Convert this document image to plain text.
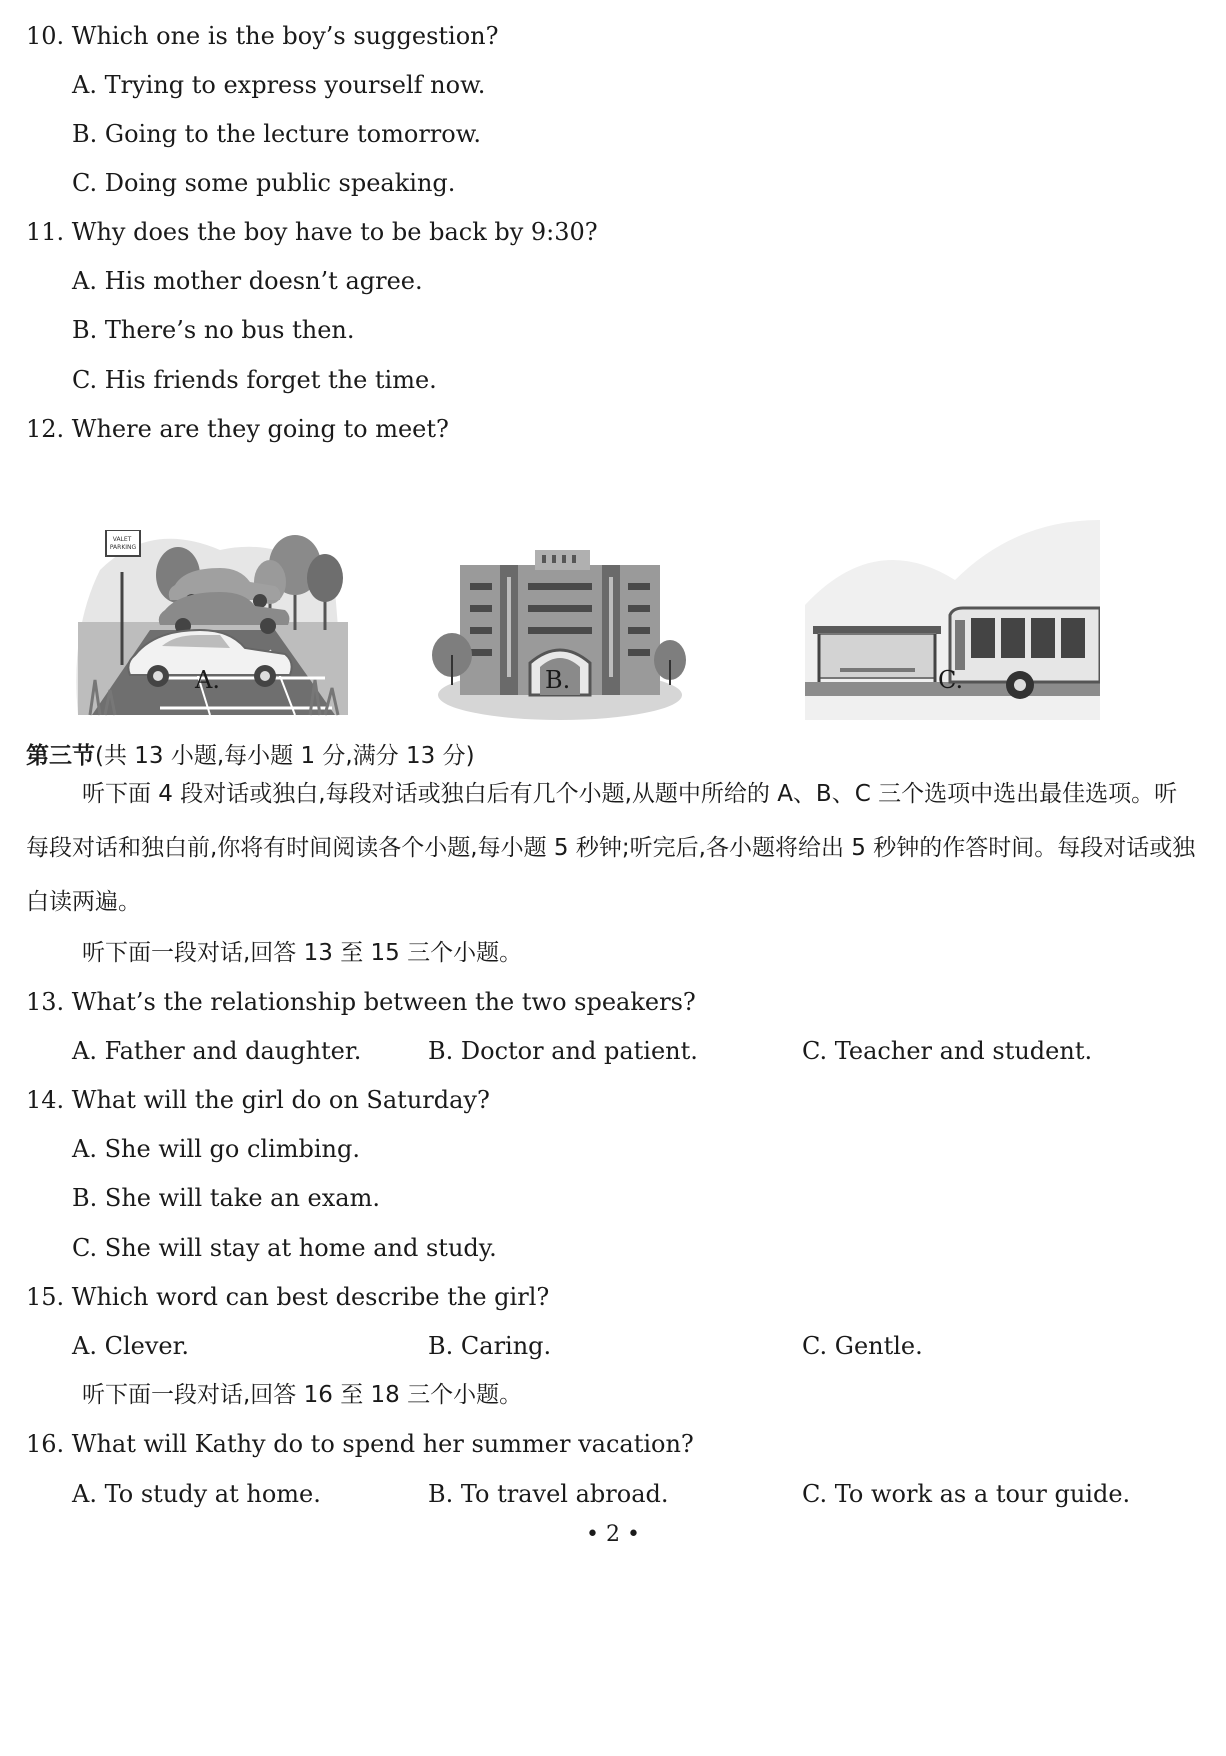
10. Which one is the boy’s suggestion?
A. Trying to express yourself now.
B. Going to the lecture tomorrow.
C. Doing some public speaking.
11. Why does the boy have to be back by 9:30?
A. His mother doesn’t agree.
B. There’s no bus then.
C. His friends forget the time.
12. Where are they going to meet?
VALET PARKING
A.	B.	C.
第三节(共 13 小题,每小题 1 分,满分 13 分)
听下面 4 段对话或独白,每段对话或独白后有几个小题,从题中所给的 A、B、C 三个选项中选出最佳选项。听每段对话和独白前,你将有时间阅读各个小题,每小题 5 秒钟;听完后,各小题将给出 5 秒钟的作答时间。每段对话或独白读两遍。
听下面一段对话,回答 13 至 15 三个小题。
13. What’s the relationship between the two speakers?
A. Father and daughter.	B. Doctor and patient.	C. Teacher and student.
14. What will the girl do on Saturday?
A. She will go climbing.
B. She will take an exam.
C. She will stay at home and study.
15. Which word can best describe the girl?
A. Clever.	B. Caring.	C. Gentle.
听下面一段对话,回答 16 至 18 三个小题。
16. What will Kathy do to spend her summer vacation?
A. To study at home.	B. To travel abroad.	C. To work as a tour guide.
• 2 •
